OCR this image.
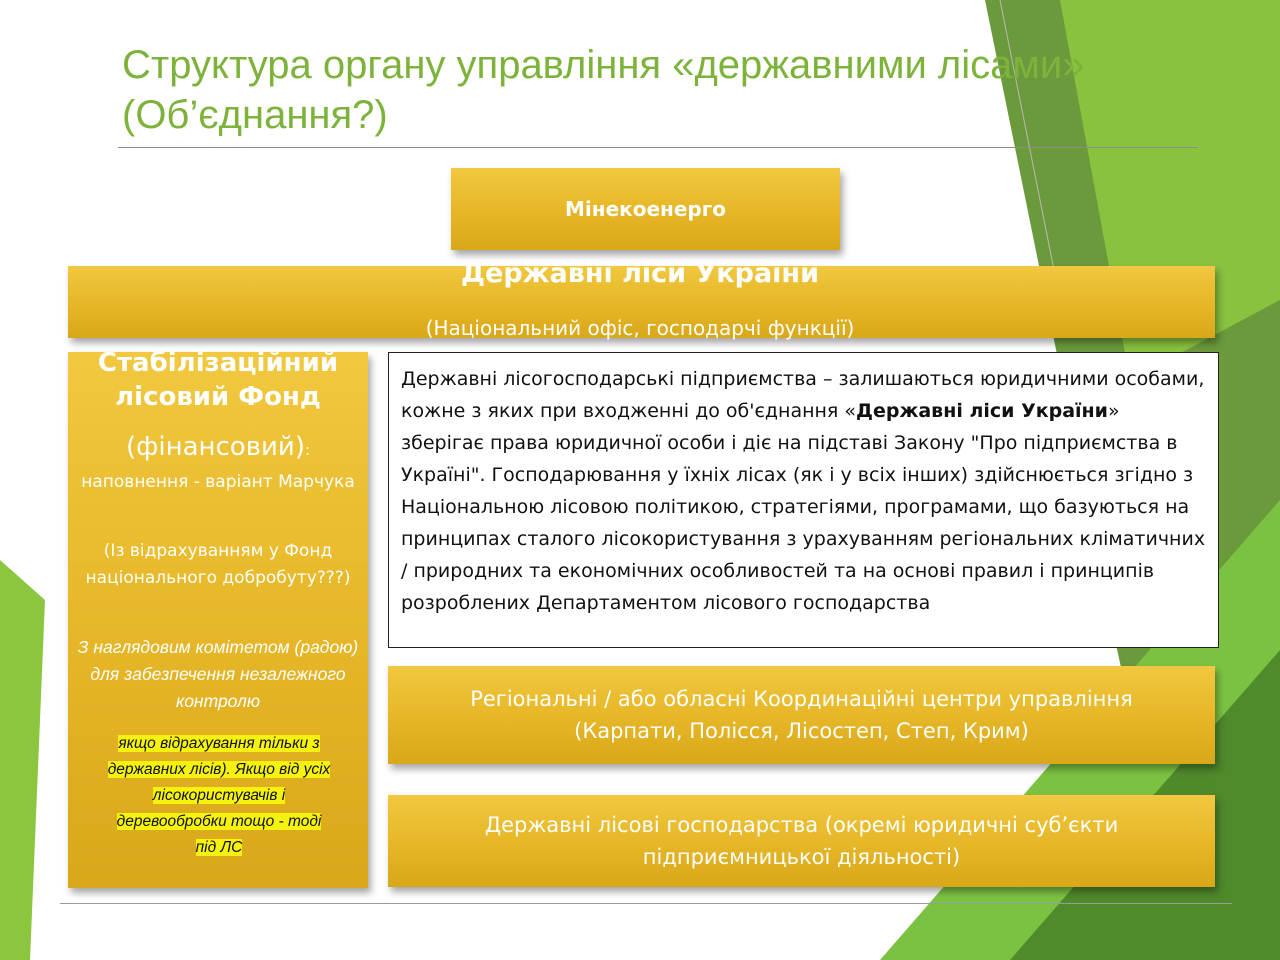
Структура органу управління «державними лісами»
(Об’єднання?)
Мінекоенерго
Державні ліси України
(Національний офіс, господарчі функції)
Стабілізаційний лісовий Фонд
(фінансовий):
наповнення - варіант Марчука
(Із відрахуванням у Фонд національного добробуту???)
З наглядовим комітетом (радою) для забезпечення незалежного контролю
якщо відрахування тільки з
державних лісів). Якщо від усіх
лісокористувачів і
деревообробки тощо - тоді
під ЛС
Державні лісогосподарські підприємства – залишаються юридичними особами, кожне з яких при входженні до об'єднання «Державні ліси України» зберігає права юридичної особи і діє на підставі Закону "Про підприємства в Україні". Господарювання у їхніх лісах (як і у всіх інших) здійснюється згідно з Національною лісовою політикою, стратегіями, програмами, що базуються на принципах сталого лісокористування з урахуванням регіональних кліматичних / природних та економічних особливостей та на основі правил і принципів розроблених Департаментом лісового господарства
Регіональні / або обласні Координаційні центри управління
(Карпати, Полісся, Лісостеп, Степ, Крим)
Державні лісові господарства (окремі юридичні суб’єкти
підприємницької діяльності)
